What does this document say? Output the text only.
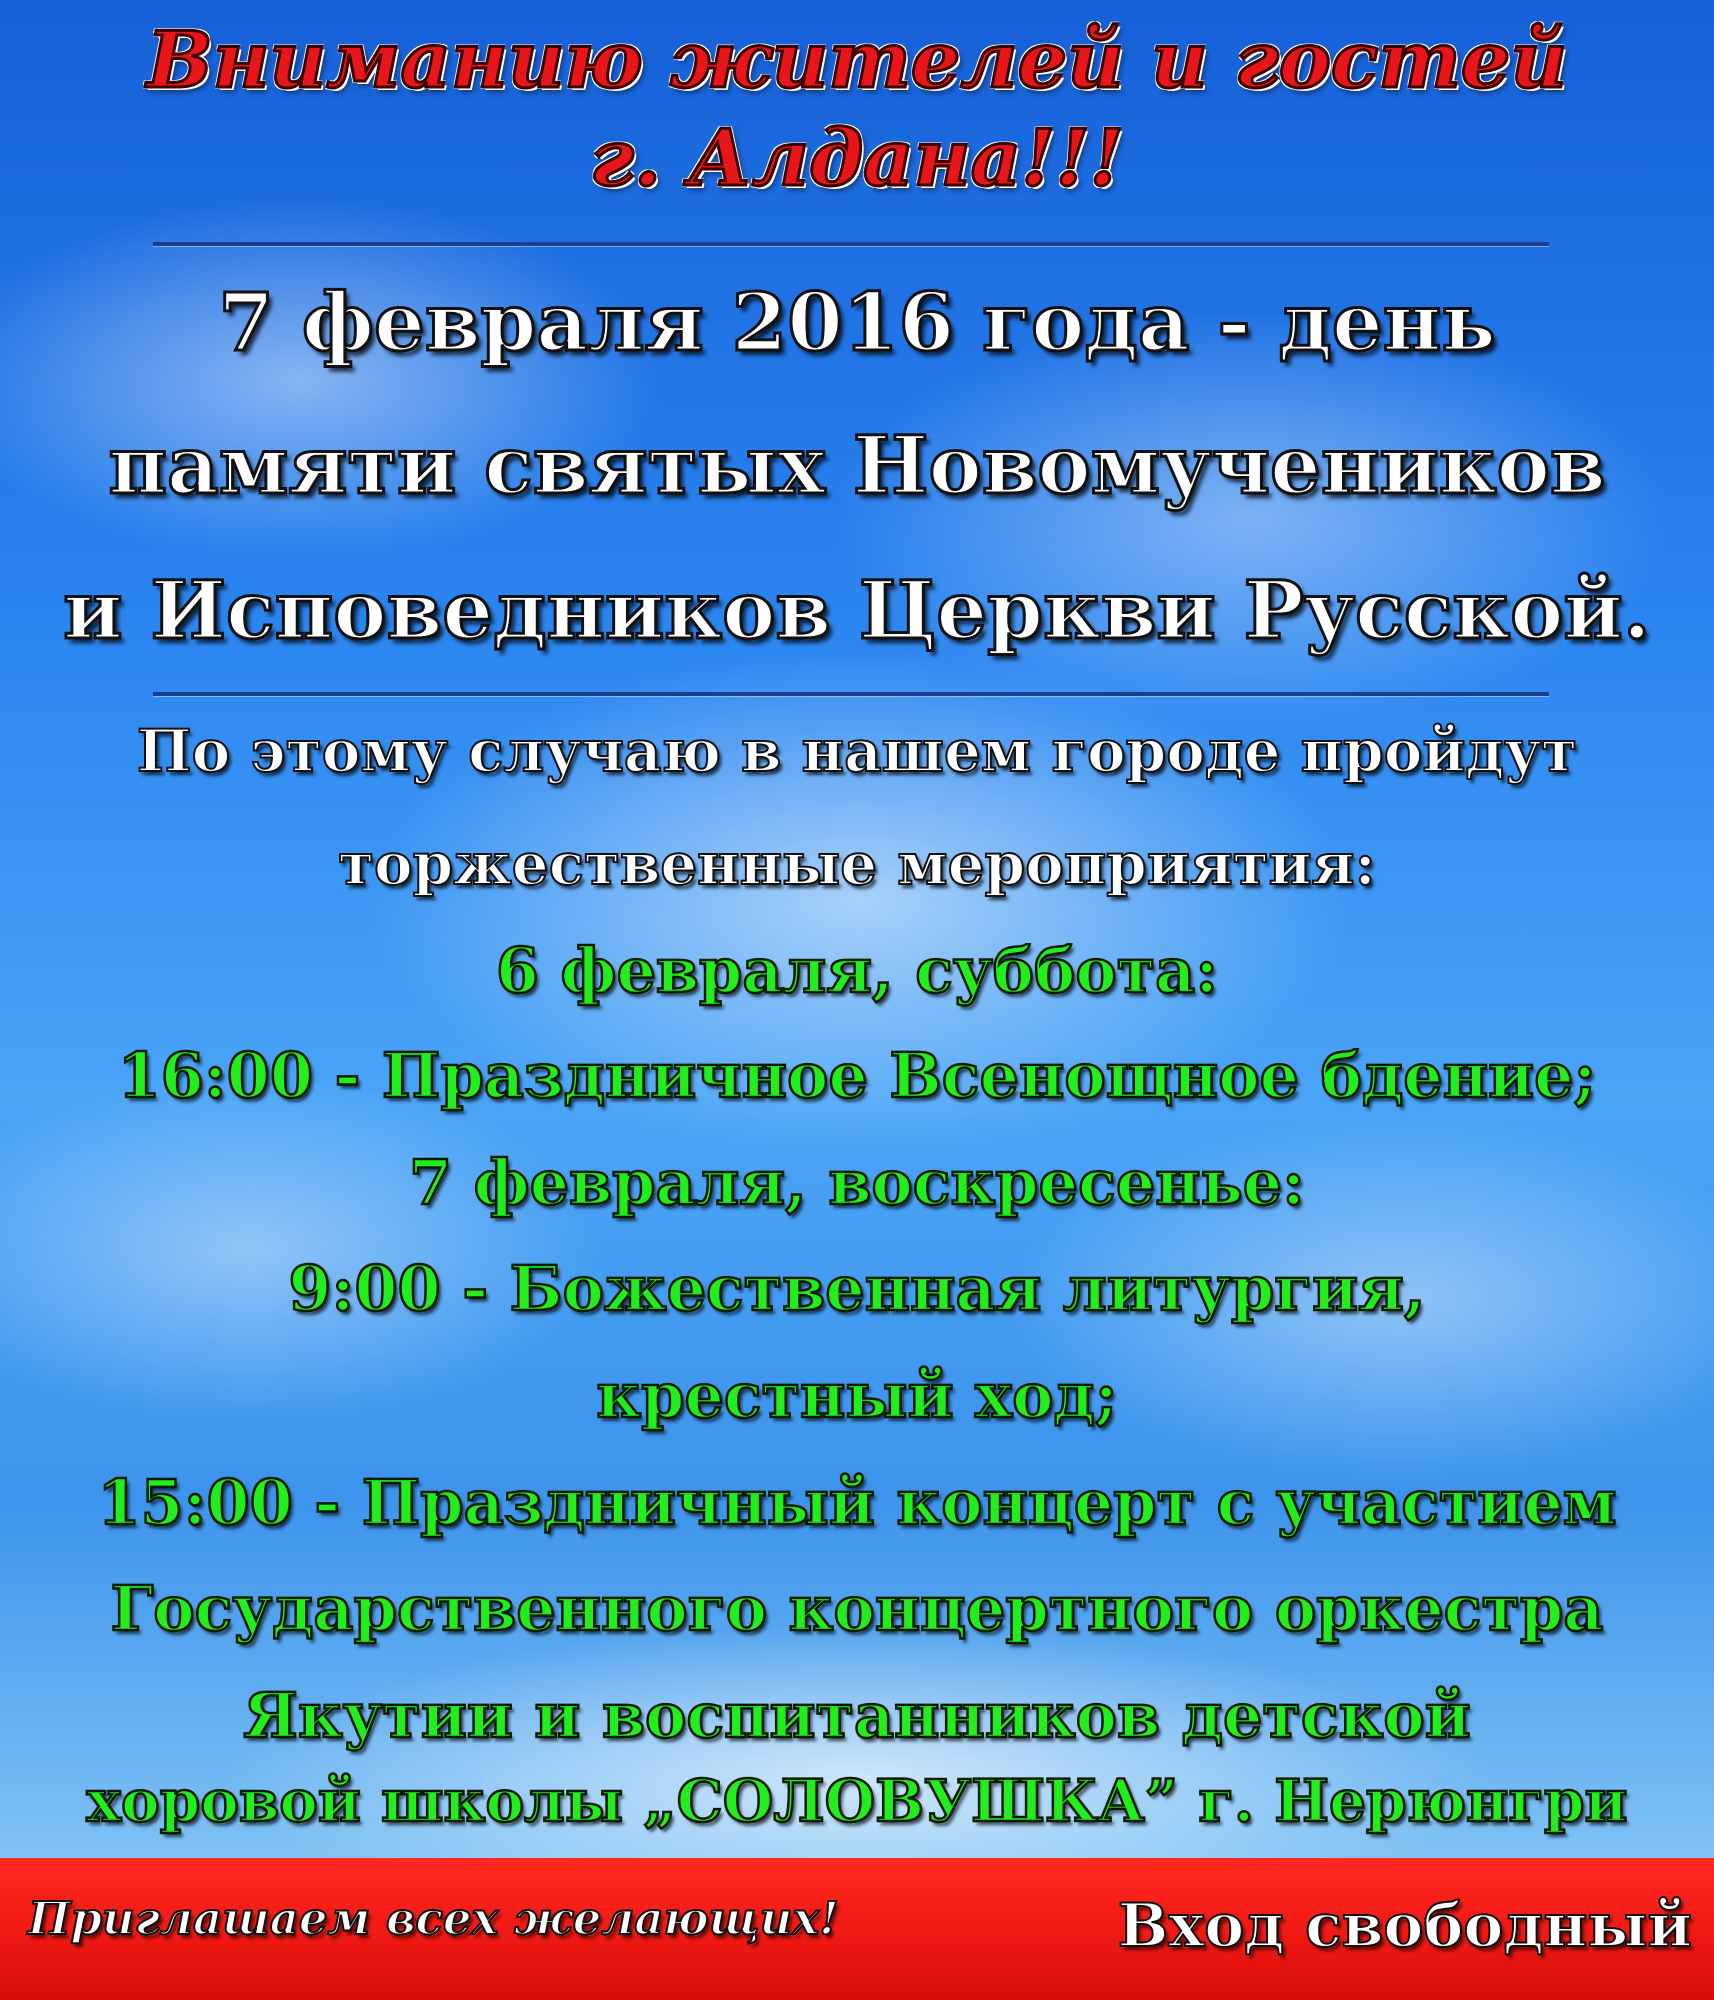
Вниманию жителей и гостей
г. Алдана!!!
7 февраля 2016 года - день
памяти святых Новомучеников
и Исповедников Церкви Русской.
По этому случаю в нашем городе пройдут
торжественные мероприятия:
6 февраля, суббота:
16:00 - Праздничное Всенощное бдение;
7 февраля, воскресенье:
9:00 - Божественная литургия,
крестный ход;
15:00 - Праздничный концерт с участием
Государственного концертного оркестра
Якутии и воспитанников детской
хоровой школы „СОЛОВУШКА” г. Нерюнгри
Приглашаем всех желающих!	Вход свободный
